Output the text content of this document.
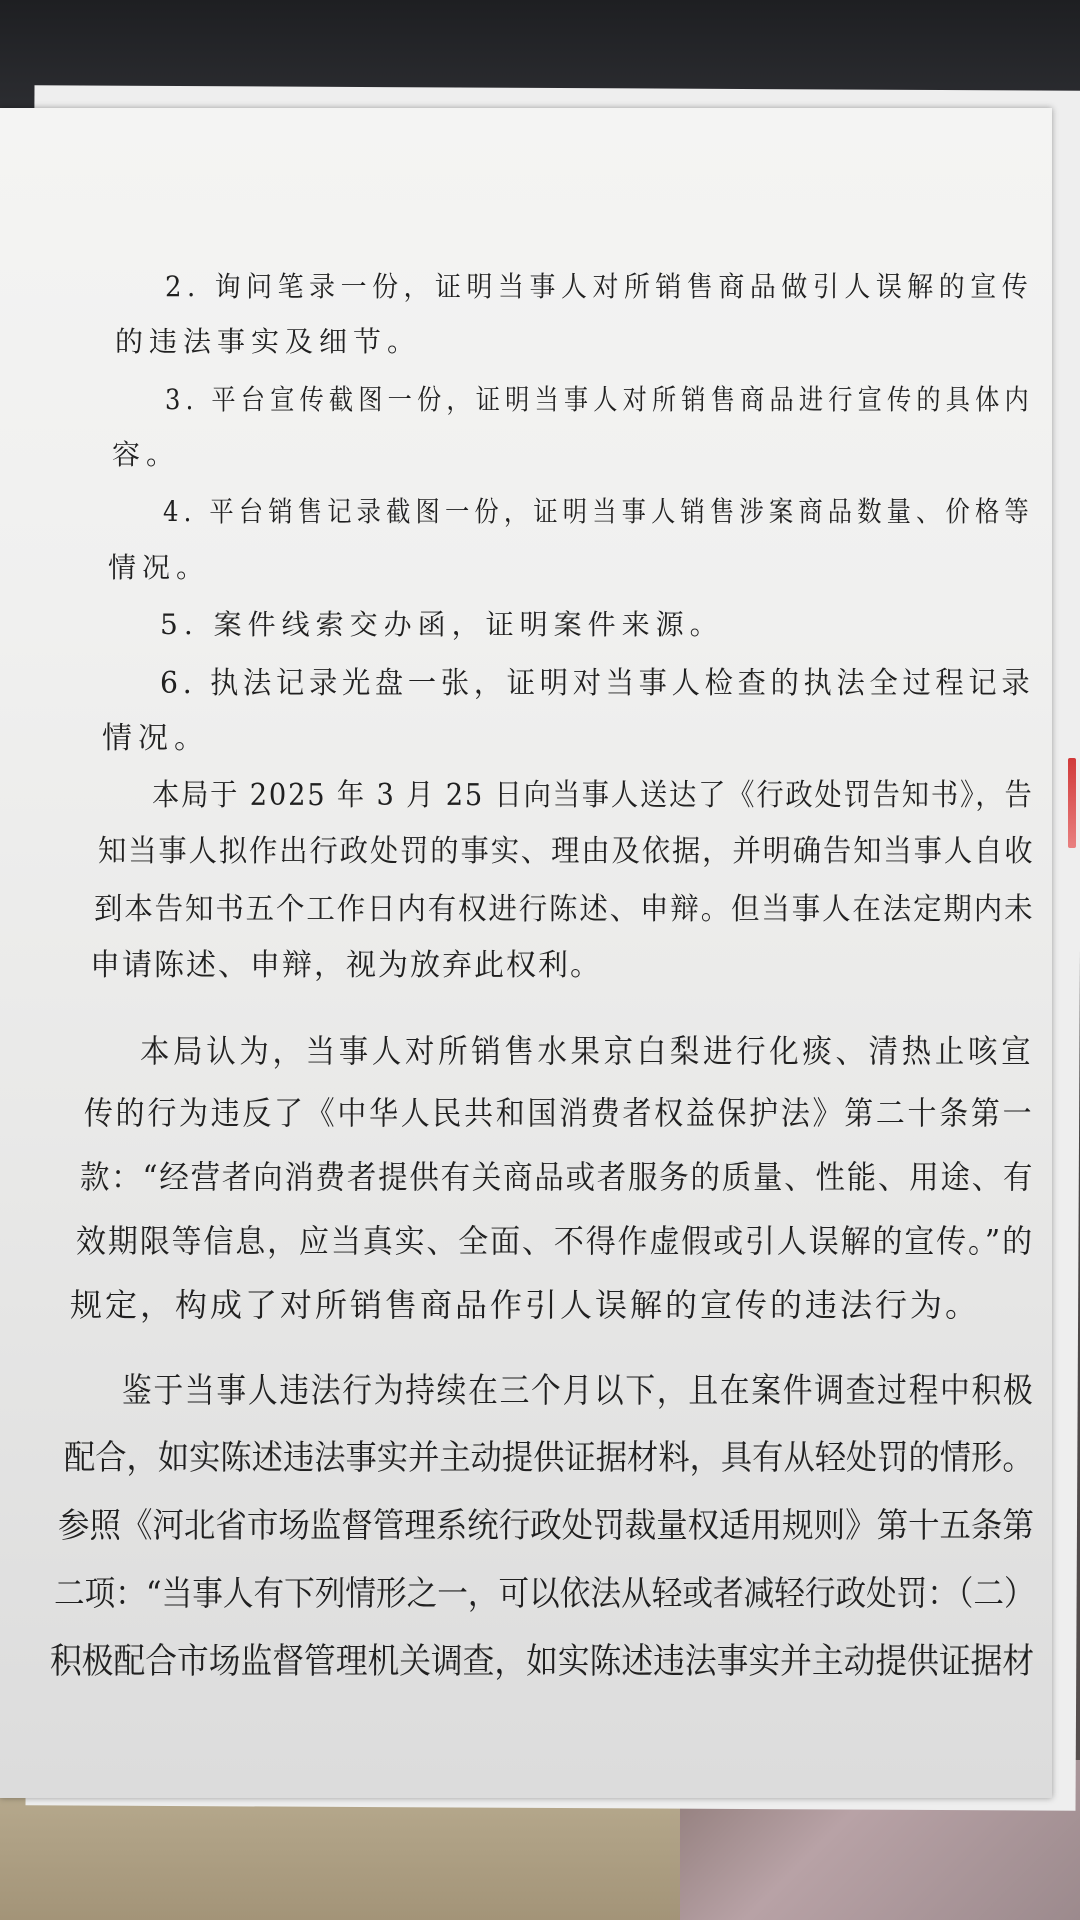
2. 询问笔录一份，证明当事人对所销售商品做引人误解的宣传

的违法事实及细节。

3. 平台宣传截图一份，证明当事人对所销售商品进行宣传的具体内

容。

4. 平台销售记录截图一份，证明当事人销售涉案商品数量、价格等

情况。

5. 案件线索交办函，证明案件来源。

6. 执法记录光盘一张，证明对当事人检查的执法全过程记录

情况。

本局于 2025 年 3 月 25 日向当事人送达了《行政处罚告知书》，告

知当事人拟作出行政处罚的事实、理由及依据，并明确告知当事人自收

到本告知书五个工作日内有权进行陈述、申辩。但当事人在法定期内未

申请陈述、申辩，视为放弃此权利。

本局认为，当事人对所销售水果京白梨进行化痰、清热止咳宣

传的行为违反了《中华人民共和国消费者权益保护法》第二十条第一

款：“经营者向消费者提供有关商品或者服务的质量、性能、用途、有

效期限等信息，应当真实、全面、不得作虚假或引人误解的宣传。”的

规定，构成了对所销售商品作引人误解的宣传的违法行为。

鉴于当事人违法行为持续在三个月以下，且在案件调查过程中积极

配合，如实陈述违法事实并主动提供证据材料，具有从轻处罚的情形。

参照《河北省市场监督管理系统行政处罚裁量权适用规则》第十五条第

二项：“当事人有下列情形之一，可以依法从轻或者减轻行政处罚：（二）

积极配合市场监督管理机关调查，如实陈述违法事实并主动提供证据材
